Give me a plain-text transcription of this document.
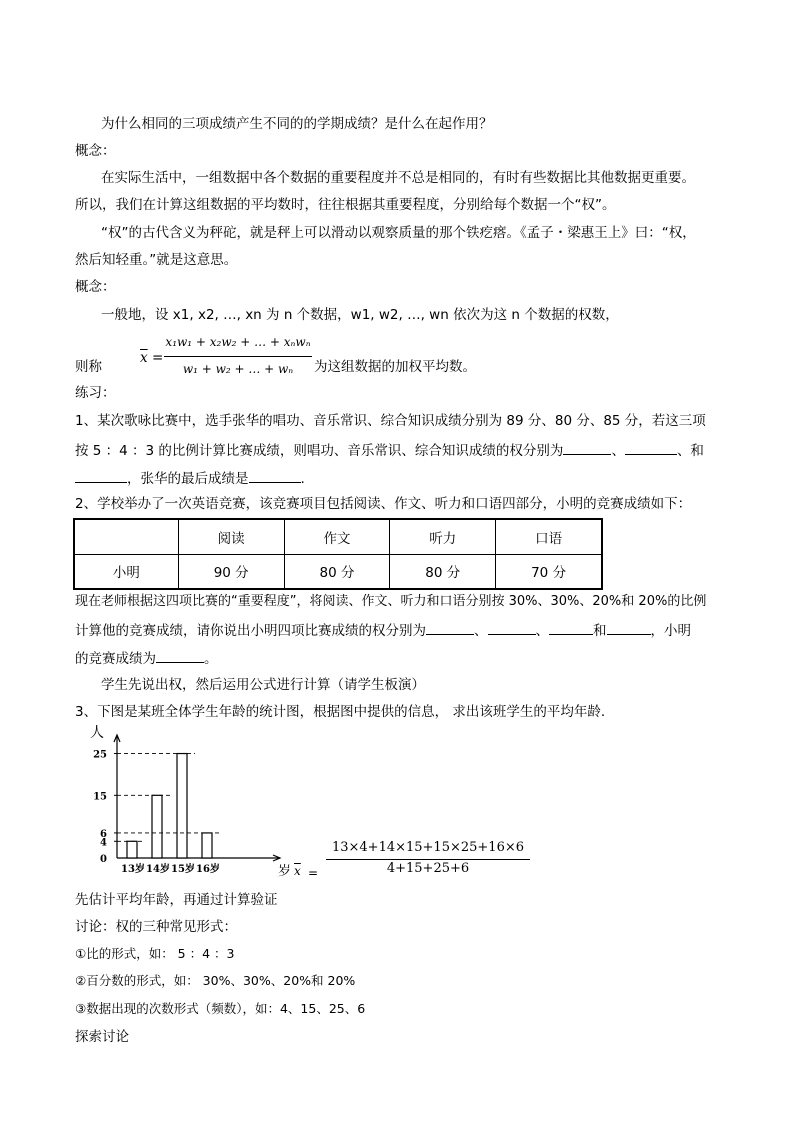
为什么相同的三项成绩产生不同的的学期成绩？是什么在起作用？
概念：
在实际生活中，一组数据中各个数据的重要程度并不总是相同的，有时有些数据比其他数据更重要。
所以，我们在计算这组数据的平均数时，往往根据其重要程度，分别给每个数据一个“权”。
“权”的古代含义为秤砣，就是秤上可以滑动以观察质量的那个铁疙瘩。《孟子・梁惠王上》曰：“权，
然后知轻重。”就是这意思。
概念：
一般地，设 x1, x2, …, xn 为 n 个数据，w1, w2, …, wn 依次为这 n 个数据的权数，
则称
$\overline{x}$ =
x₁w₁ + x₂w₂ + … + xₙwₙ
w₁ + w₂ + … + wₙ	为这组数据的加权平均数。
练习：
1、某次歌咏比赛中，选手张华的唱功、音乐常识、综合知识成绩分别为 89 分、80 分、85 分，若这三项
按 5 ：4 ：3 的比例计算比赛成绩，则唱功、音乐常识、综合知识成绩的权分别为	、	、和
，张华的最后成绩是	.
2、学校举办了一次英语竞赛，该竞赛项目包括阅读、作文、听力和口语四部分，小明的竞赛成绩如下：
	阅读	作文	听力	口语
小明	90 分	80 分	80 分	70 分
现在老师根据这四项比赛的“重要程度”，将阅读、作文、听力和口语分别按 30%、30%、20%和 20%的比例
计算他的竞赛成绩，请你说出小明四项比赛成绩的权分别为	、	、	和	，小明
的竞赛成绩为	。
学生先说出权，然后运用公式进行计算（请学生板演）
3、下图是某班全体学生年龄的统计图，根据图中提供的信息， 求出该班学生的平均年龄.
人
岁
0
4
6
15
25
13岁 14岁 15岁 16岁	$\overline{x}$ =
13×4+14×15+15×25+16×6
4+15+25+6
先估计平均年龄，再通过计算验证
讨论：权的三种常见形式：
①比的形式，如： 5 ：4 ：3
②百分数的形式，如： 30%、30%、20%和 20%
③数据出现的次数形式（频数），如：4、15、25、6
探索讨论
